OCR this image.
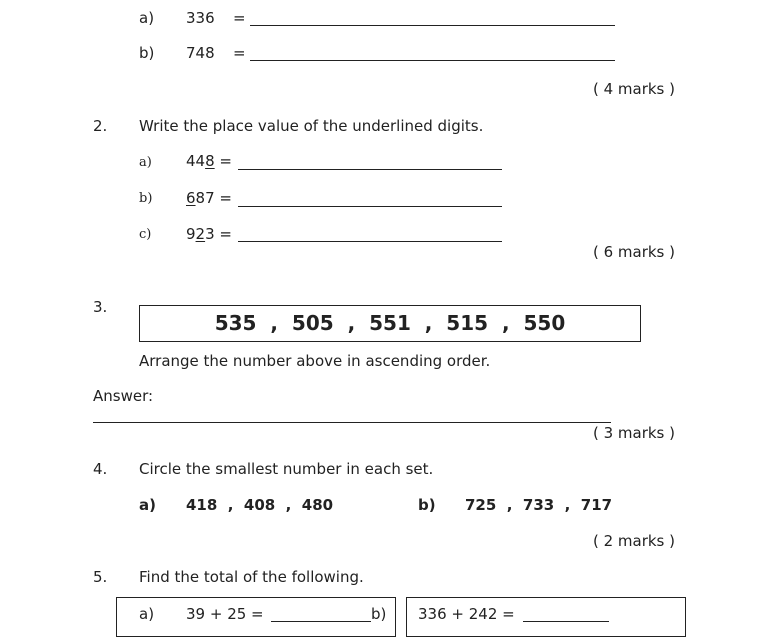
a) 336 =
b) 748 =
( 4 marks )
2. Write the place value of the underlined digits.
a) 448 =
b) 687 =
c) 923 =
( 6 marks )
3.
535  ,  505  ,  551  ,  515  ,  550
Arrange the number above in ascending order.
Answer:
( 3 marks )
4. Circle the smallest number in each set.
a) 418  ,  408  ,  480	b) 725  ,  733  ,  717
( 2 marks )
5. Find the total of the following.
a) 39 + 25 =	b) 336 + 242 =
